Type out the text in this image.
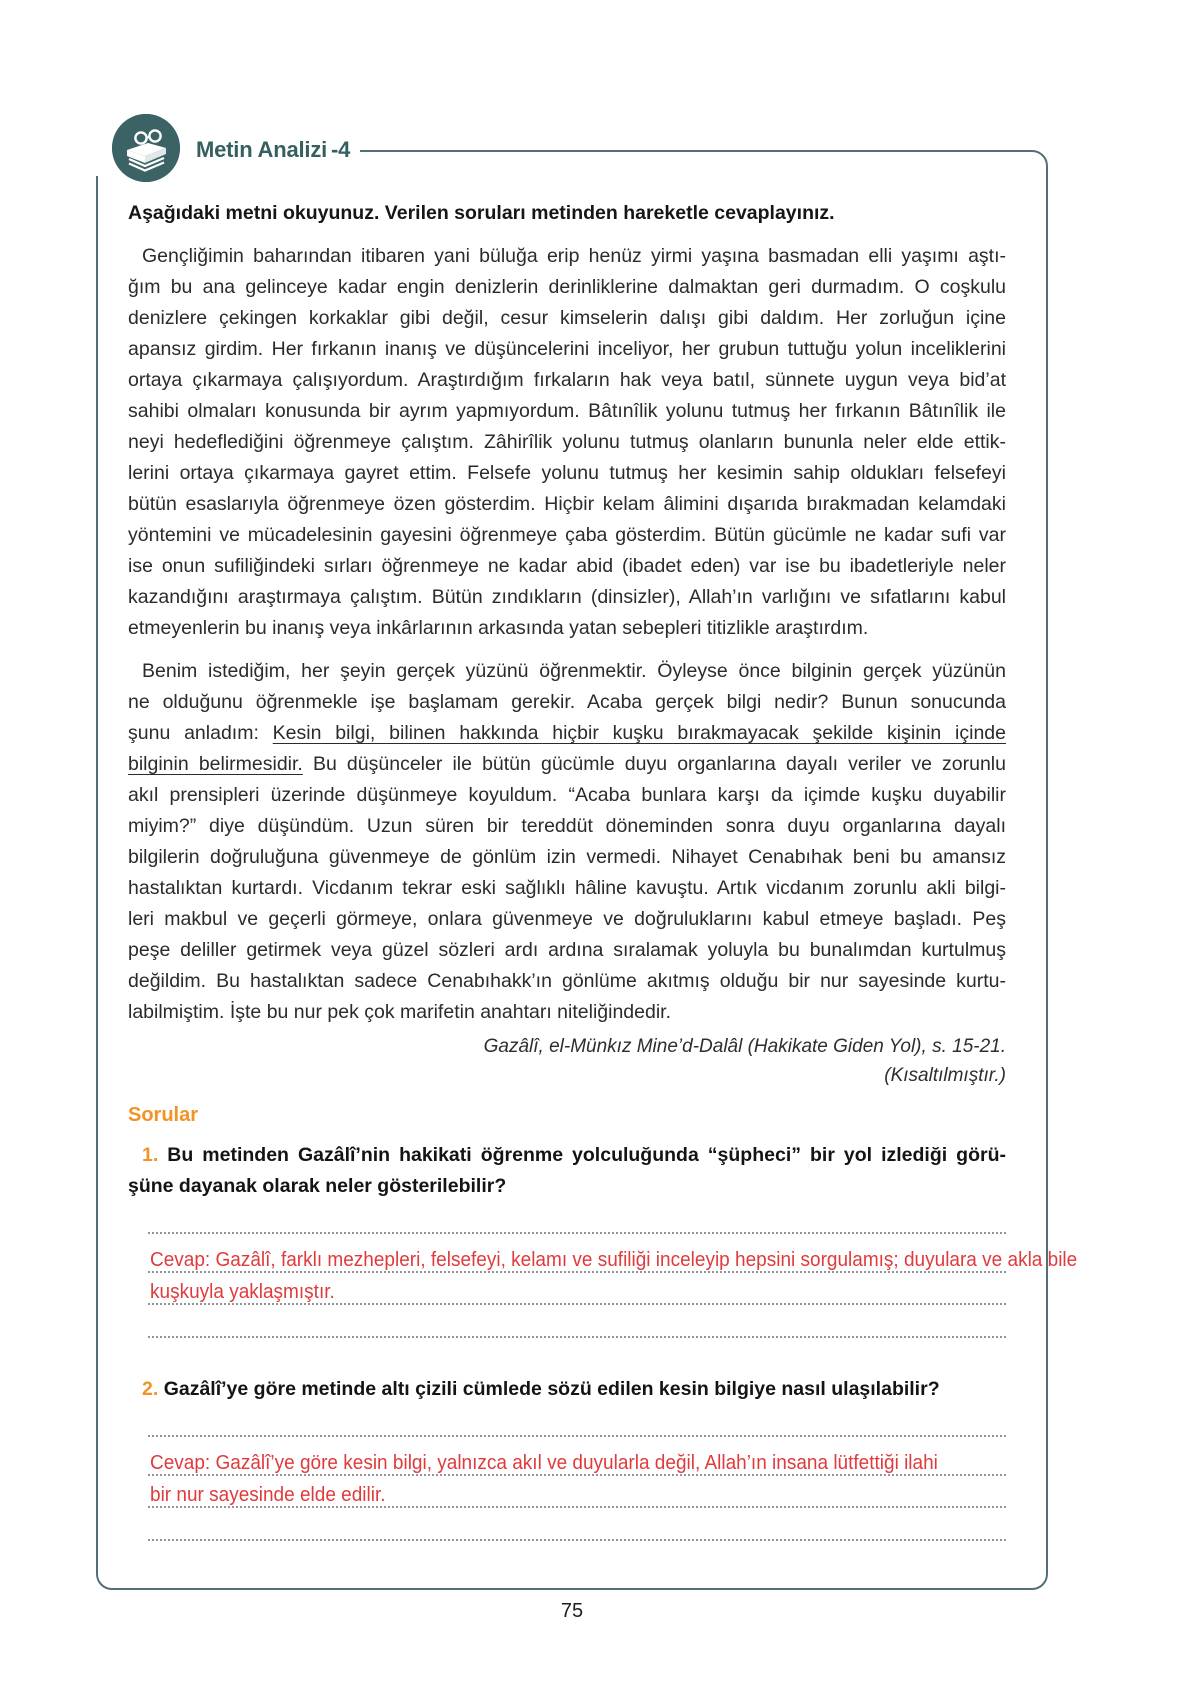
Metin Analizi -4
Aşağıdaki metni okuyunuz. Verilen soruları metinden hareketle cevaplayınız.
Gençliğimin baharından itibaren yani büluğa erip henüz yirmi yaşına basmadan elli yaşımı aştı-
ğım bu ana gelinceye kadar engin denizlerin derinliklerine dalmaktan geri durmadım. O coşkulu
denizlere çekingen korkaklar gibi değil, cesur kimselerin dalışı gibi daldım. Her zorluğun içine
apansız girdim. Her fırkanın inanış ve düşüncelerini inceliyor, her grubun tuttuğu yolun inceliklerini
ortaya çıkarmaya çalışıyordum. Araştırdığım fırkaların hak veya batıl, sünnete uygun veya bid’at
sahibi olmaları konusunda bir ayrım yapmıyordum. Bâtınîlik yolunu tutmuş her fırkanın Bâtınîlik ile
neyi hedeflediğini öğrenmeye çalıştım. Zâhirîlik yolunu tutmuş olanların bununla neler elde ettik-
lerini ortaya çıkarmaya gayret ettim. Felsefe yolunu tutmuş her kesimin sahip oldukları felsefeyi
bütün esaslarıyla öğrenmeye özen gösterdim. Hiçbir kelam âlimini dışarıda bırakmadan kelamdaki
yöntemini ve mücadelesinin gayesini öğrenmeye çaba gösterdim. Bütün gücümle ne kadar sufi var
ise onun sufiliğindeki sırları öğrenmeye ne kadar abid (ibadet eden) var ise bu ibadetleriyle neler
kazandığını araştırmaya çalıştım. Bütün zındıkların (dinsizler), Allah’ın varlığını ve sıfatlarını kabul
etmeyenlerin bu inanış veya inkârlarının arkasında yatan sebepleri titizlikle araştırdım.
Benim istediğim, her şeyin gerçek yüzünü öğrenmektir. Öyleyse önce bilginin gerçek yüzünün
ne olduğunu öğrenmekle işe başlamam gerekir. Acaba gerçek bilgi nedir? Bunun sonucunda
şunu anladım: Kesin bilgi, bilinen hakkında hiçbir kuşku bırakmayacak şekilde kişinin içinde
bilginin belirmesidir. Bu düşünceler ile bütün gücümle duyu organlarına dayalı veriler ve zorunlu
akıl prensipleri üzerinde düşünmeye koyuldum. “Acaba bunlara karşı da içimde kuşku duyabilir
miyim?” diye düşündüm. Uzun süren bir tereddüt döneminden sonra duyu organlarına dayalı
bilgilerin doğruluğuna güvenmeye de gönlüm izin vermedi. Nihayet Cenabıhak beni bu amansız
hastalıktan kurtardı. Vicdanım tekrar eski sağlıklı hâline kavuştu. Artık vicdanım zorunlu akli bilgi-
leri makbul ve geçerli görmeye, onlara güvenmeye ve doğruluklarını kabul etmeye başladı. Peş
peşe deliller getirmek veya güzel sözleri ardı ardına sıralamak yoluyla bu bunalımdan kurtulmuş
değildim. Bu hastalıktan sadece Cenabıhakk’ın gönlüme akıtmış olduğu bir nur sayesinde kurtu-
labilmiştim. İşte bu nur pek çok marifetin anahtarı niteliğindedir.
Gazâlî, el-Münkız Mine’d-Dalâl (Hakikate Giden Yol), s. 15-21.
(Kısaltılmıştır.)
Sorular
1. Bu metinden Gazâlî’nin hakikati öğrenme yolculuğunda “şüpheci” bir yol izlediği görü-
şüne dayanak olarak neler gösterilebilir?
Cevap: Gazâlî, farklı mezhepleri, felsefeyi, kelamı ve sufiliği inceleyip hepsini sorgulamış; duyulara ve akla bile
kuşkuyla yaklaşmıştır.
2. Gazâlî’ye göre metinde altı çizili cümlede sözü edilen kesin bilgiye nasıl ulaşılabilir?
Cevap: Gazâlî’ye göre kesin bilgi, yalnızca akıl ve duyularla değil, Allah’ın insana lütfettiği ilahi
bir nur sayesinde elde edilir.
75
